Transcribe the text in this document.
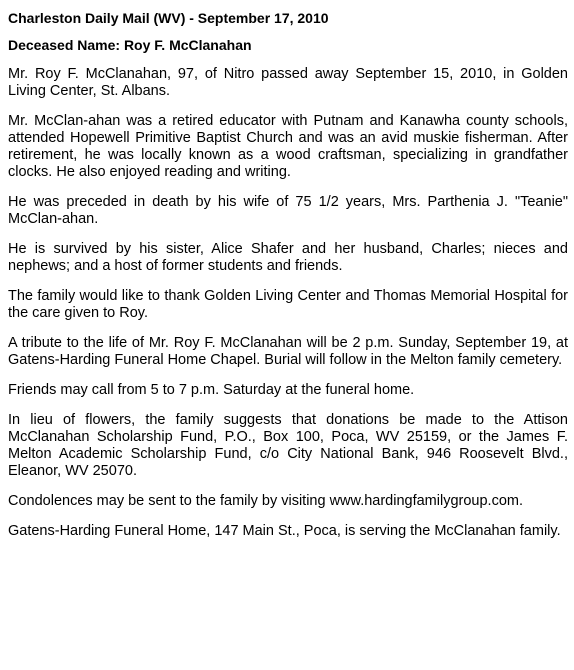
Charleston Daily Mail (WV) - September 17, 2010
Deceased Name: Roy F. McClanahan

Mr. Roy F. McClanahan, 97, of Nitro passed away September 15, 2010, in Golden Living Center, St. Albans.

Mr. McClan-ahan was a retired educator with Putnam and Kanawha county schools, attended Hopewell Primitive Baptist Church and was an avid muskie fisherman. After retirement, he was locally known as a wood craftsman, specializing in grandfather clocks. He also enjoyed reading and writing.

He was preceded in death by his wife of 75 1/2 years, Mrs. Parthenia J. "Teanie" McClan-ahan.

He is survived by his sister, Alice Shafer and her husband, Charles; nieces and nephews; and a host of former students and friends.

The family would like to thank Golden Living Center and Thomas Memorial Hospital for the care given to Roy.

A tribute to the life of Mr. Roy F. McClanahan will be 2 p.m. Sunday, September 19, at Gatens-Harding Funeral Home Chapel. Burial will follow in the Melton family cemetery.

Friends may call from 5 to 7 p.m. Saturday at the funeral home.

In lieu of flowers, the family suggests that donations be made to the Attison McClanahan Scholarship Fund, P.O., Box 100, Poca, WV 25159, or the James F. Melton Academic Scholarship Fund, c/o City National Bank, 946 Roosevelt Blvd., Eleanor, WV 25070.

Condolences may be sent to the family by visiting www.hardingfamilygroup.com.

Gatens-Harding Funeral Home, 147 Main St., Poca, is serving the McClanahan family.
